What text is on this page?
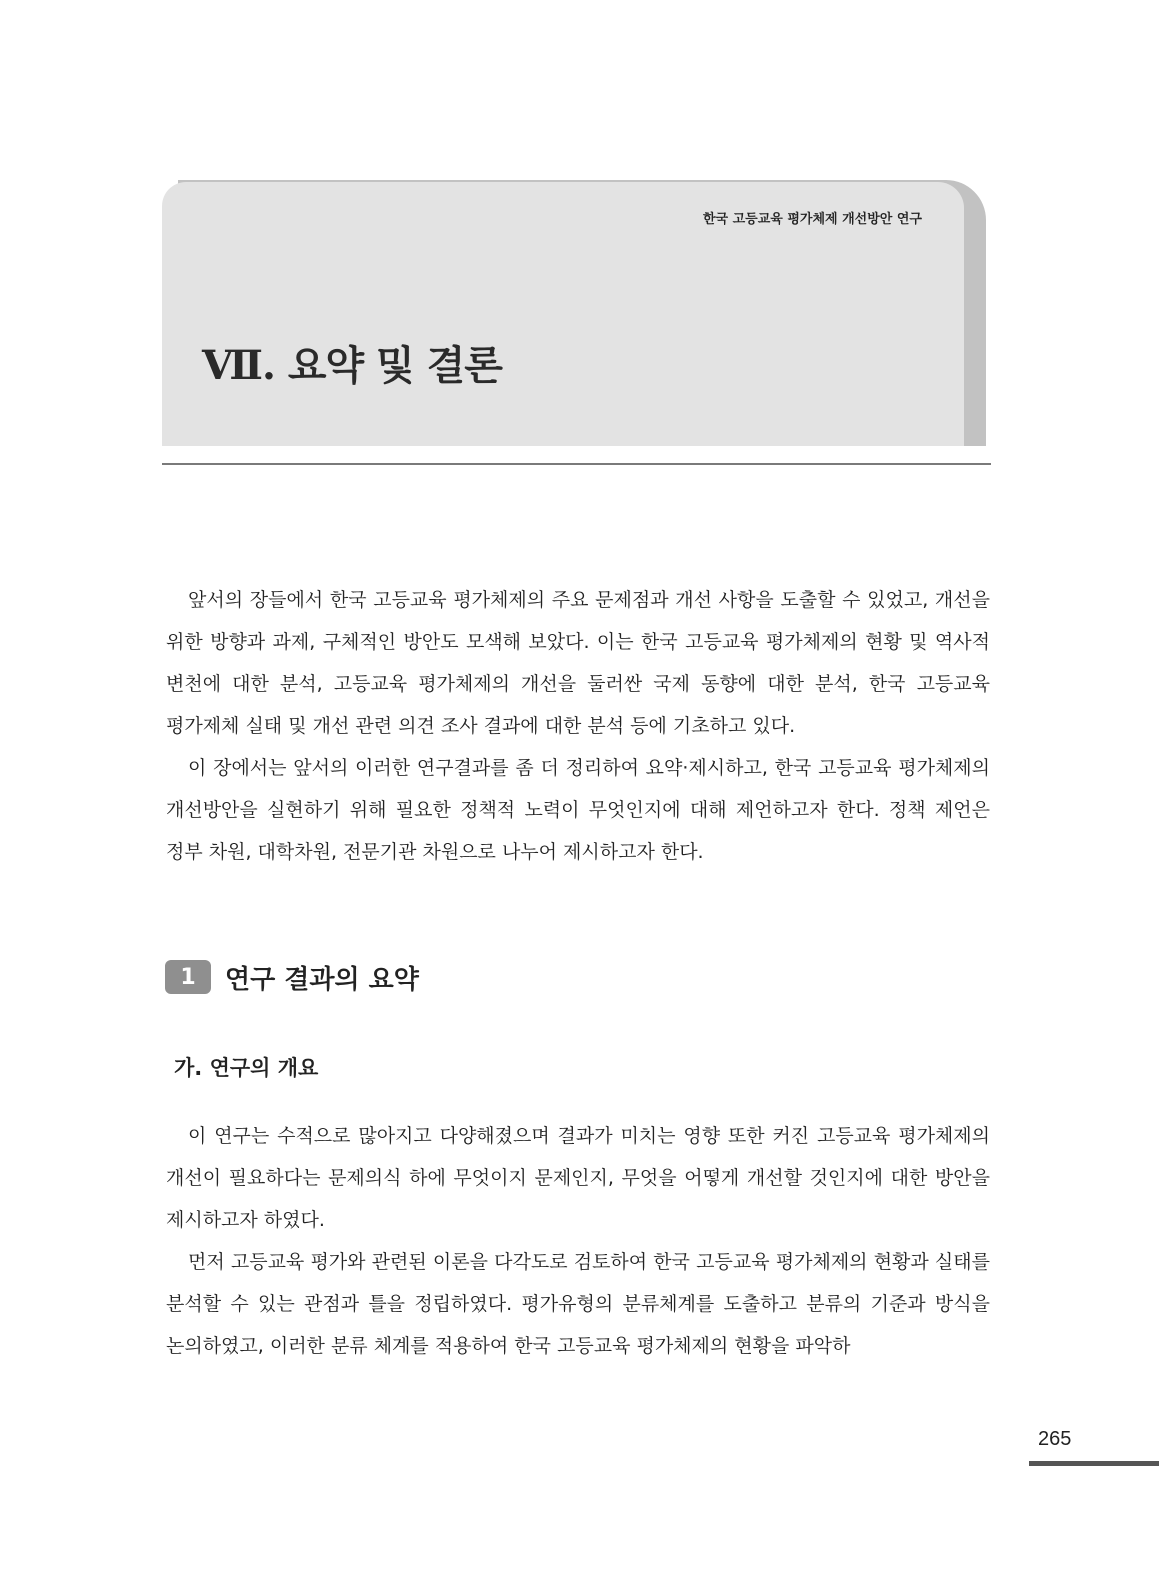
한국 고등교육 평가체제 개선방안 연구
Ⅶ. 요약 및 결론

앞서의 장들에서 한국 고등교육 평가체제의 주요 문제점과 개선 사항을 도출할 수 있었고, 개선을 위한 방향과 과제, 구체적인 방안도 모색해 보았다. 이는 한국 고등교육 평가체제의 현황 및 역사적 변천에 대한 분석, 고등교육 평가체제의 개선을 둘러싼 국제 동향에 대한 분석, 한국 고등교육 평가제체 실태 및 개선 관련 의견 조사 결과에 대한 분석 등에 기초하고 있다.

이 장에서는 앞서의 이러한 연구결과를 좀 더 정리하여 요약·제시하고, 한국 고등교육 평가체제의 개선방안을 실현하기 위해 필요한 정책적 노력이 무엇인지에 대해 제언하고자 한다. 정책 제언은 정부 차원, 대학차원, 전문기관 차원으로 나누어 제시하고자 한다.

1	연구 결과의 요약
가. 연구의 개요

이 연구는 수적으로 많아지고 다양해졌으며 결과가 미치는 영향 또한 커진 고등교육 평가체제의 개선이 필요하다는 문제의식 하에 무엇이지 문제인지, 무엇을 어떻게 개선할 것인지에 대한 방안을 제시하고자 하였다.

먼저 고등교육 평가와 관련된 이론을 다각도로 검토하여 한국 고등교육 평가체제의 현황과 실태를 분석할 수 있는 관점과 틀을 정립하였다. 평가유형의 분류체계를 도출하고 분류의 기준과 방식을 논의하였고, 이러한 분류 체계를 적용하여 한국 고등교육 평가체제의 현황을 파악하

265
